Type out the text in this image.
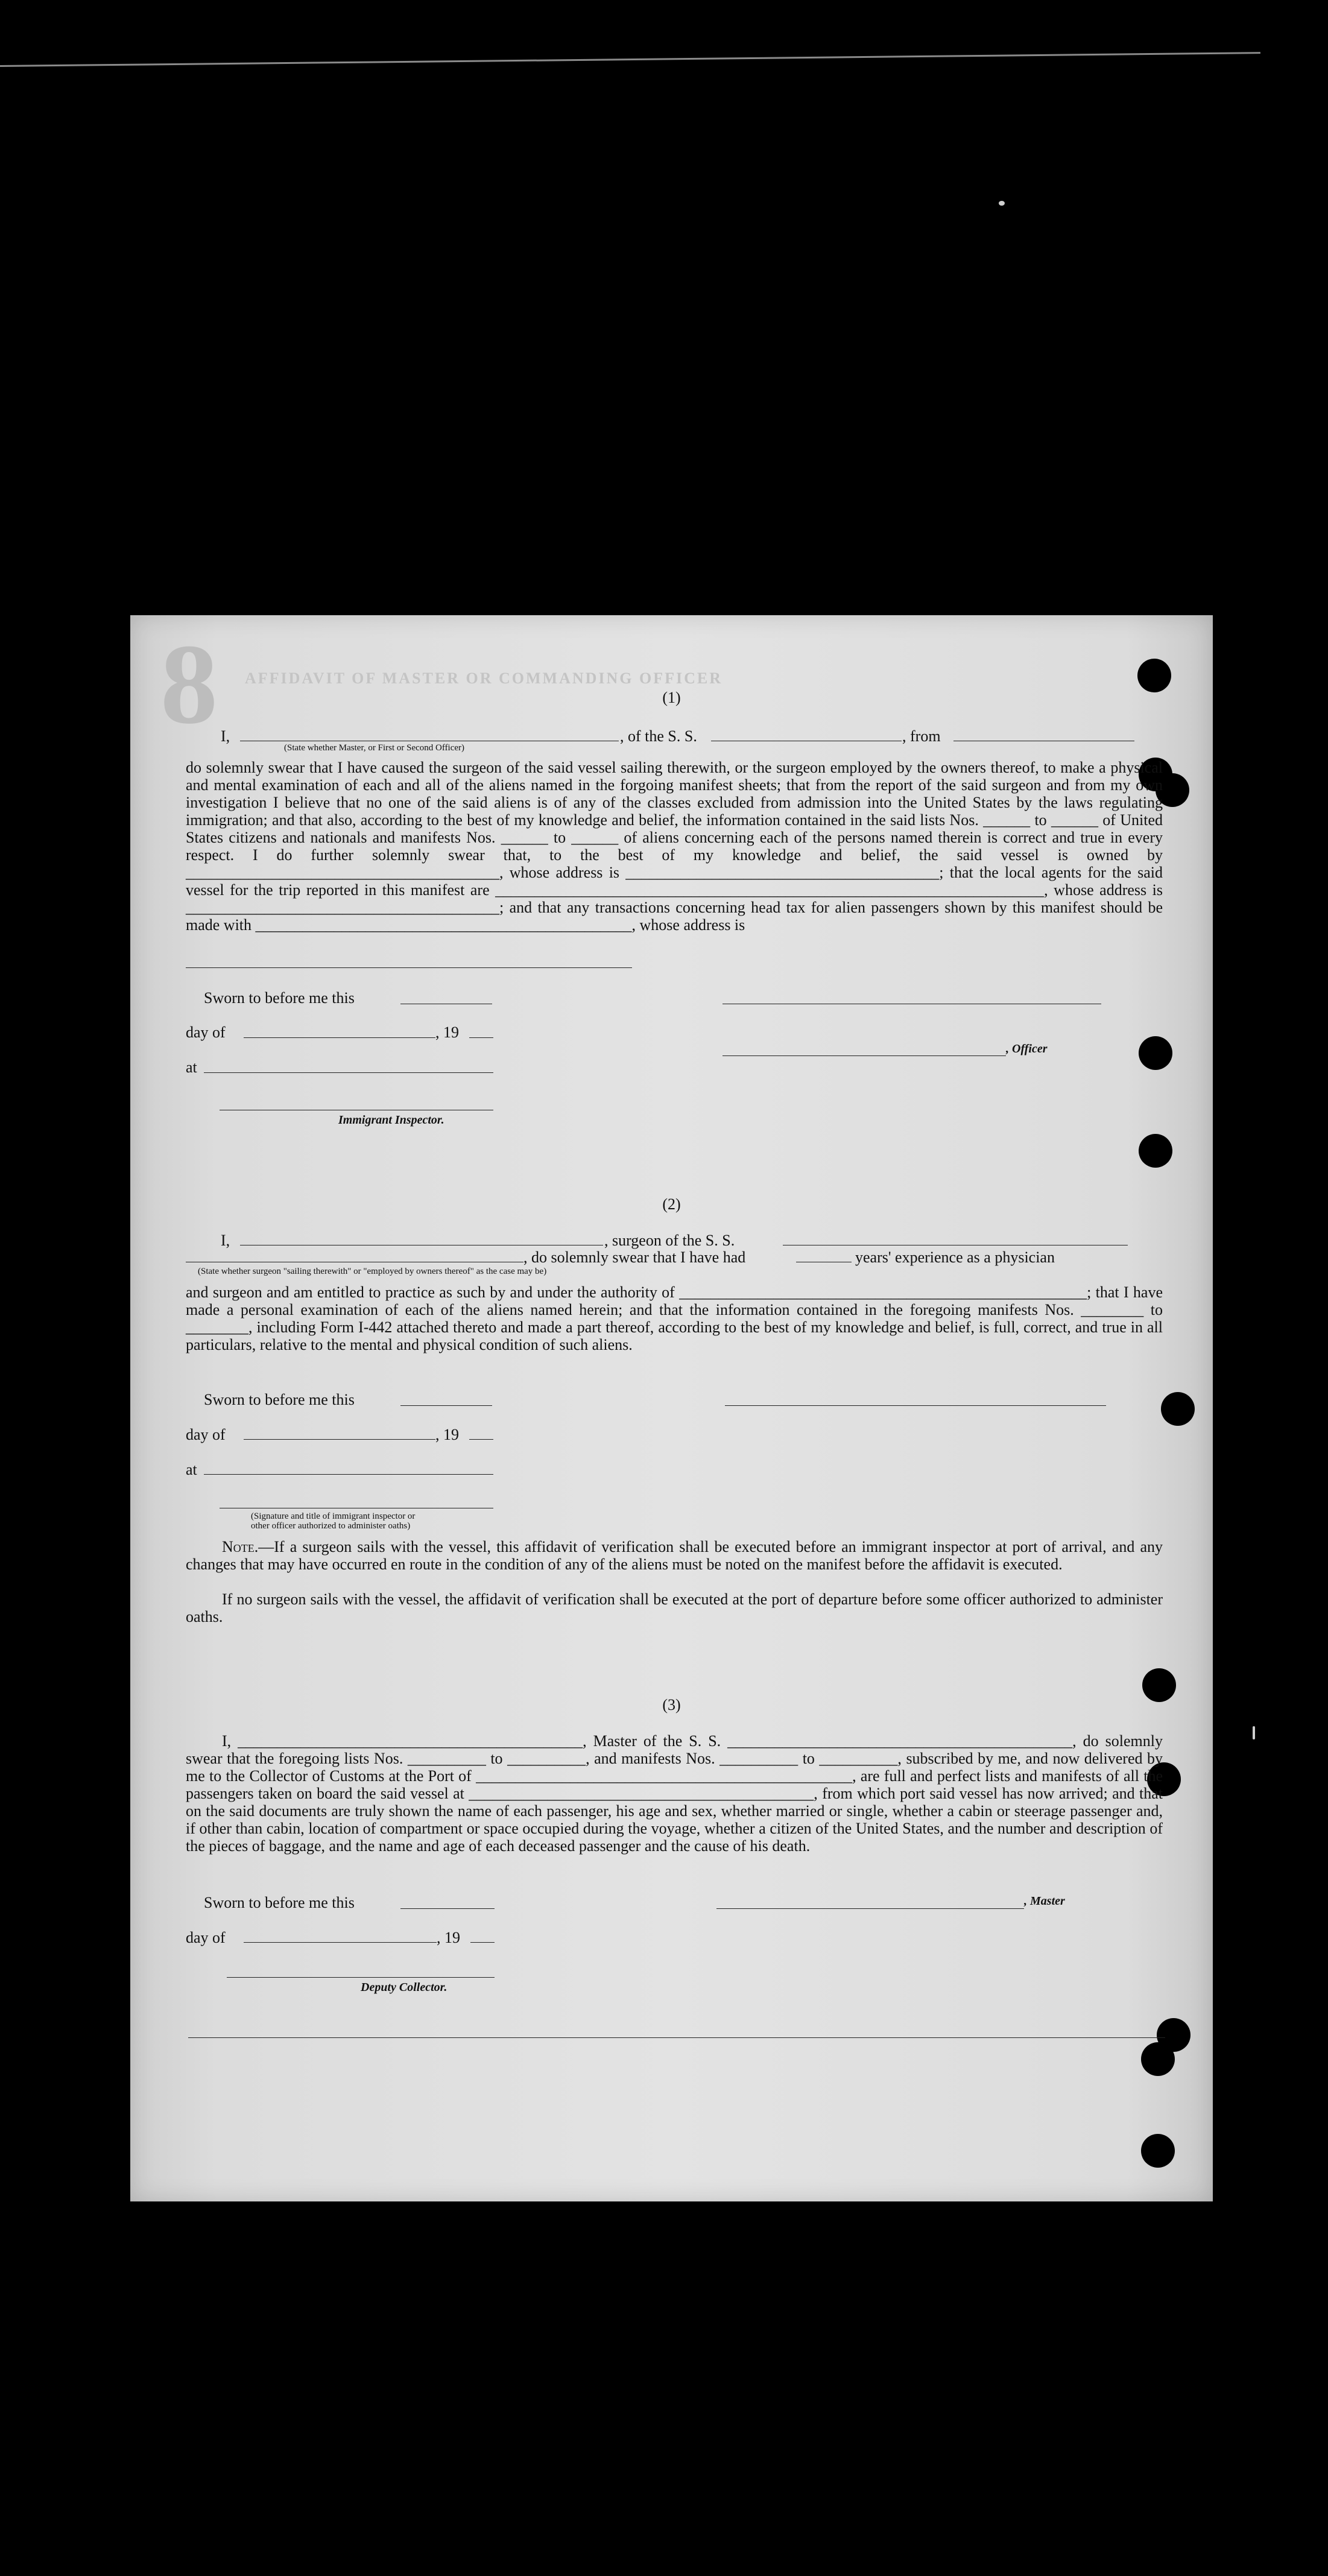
8 AFFIDAVIT OF MASTER OR COMMANDING OFFICER
(1)
I,
(State whether Master, or First or Second Officer)
, of the S. S.	, from
do solemnly swear that I have caused the surgeon of the said vessel sailing therewith, or the surgeon employed by the owners thereof, to make a physical and mental examination of each and all of the aliens named in the forgoing manifest sheets; that from the report of the said surgeon and from my own investigation I believe that no one of the said aliens is of any of the classes excluded from admission into the United States by the laws regulating immigration; and that also, according to the best of my knowledge and belief, the information contained in the said lists Nos. ______ to ______ of United States citizens and nationals and manifests Nos. ______ to ______ of aliens concerning each of the persons named therein is correct and true in every respect. I do further solemnly swear that, to the best of my knowledge and belief, the said vessel is owned by ________________________________________, whose address is ________________________________________; that the local agents for the said vessel for the trip reported in this manifest are ______________________________________________________________________, whose address is ________________________________________; and that any transactions concerning head tax for alien passengers shown by this manifest should be made with ________________________________________________, whose address is
Sworn to before me this
day of	, 19
, Officer
at
Immigrant Inspector.
(2)
I,	, surgeon of the S. S.
, do solemnly swear that I have had	years' experience as a physician
(State whether surgeon "sailing therewith" or "employed by owners thereof" as the case may be)
and surgeon and am entitled to practice as such by and under the authority of ____________________________________________________; that I have made a personal examination of each of the aliens named herein; and that the information contained in the foregoing manifests Nos. ________ to ________, including Form I-442 attached thereto and made a part thereof, according to the best of my knowledge and belief, is full, correct, and true in all particulars, relative to the mental and physical condition of such aliens.
Sworn to before me this
day of	, 19
at
(Signature and title of immigrant inspector or
other officer authorized to administer oaths)
Note.—If a surgeon sails with the vessel, this affidavit of verification shall be executed before an immigrant inspector at port of arrival, and any changes that may have occurred en route in the condition of any of the aliens must be noted on the manifest before the affidavit is executed.
If no surgeon sails with the vessel, the affidavit of verification shall be executed at the port of departure before some officer authorized to administer oaths.
(3)
I, ____________________________________________, Master of the S. S. ____________________________________________, do solemnly swear that the foregoing lists Nos. __________ to __________, and manifests Nos. __________ to __________, subscribed by me, and now delivered by me to the Collector of Customs at the Port of ________________________________________________, are full and perfect lists and manifests of all the passengers taken on board the said vessel at ____________________________________________, from which port said vessel has now arrived; and that on the said documents are truly shown the name of each passenger, his age and sex, whether married or single, whether a cabin or steerage passenger and, if other than cabin, location of compartment or space occupied during the voyage, whether a citizen of the United States, and the number and description of the pieces of baggage, and the name and age of each deceased passenger and the cause of his death.
Sworn to before me this	, Master
day of	, 19
Deputy Collector.
